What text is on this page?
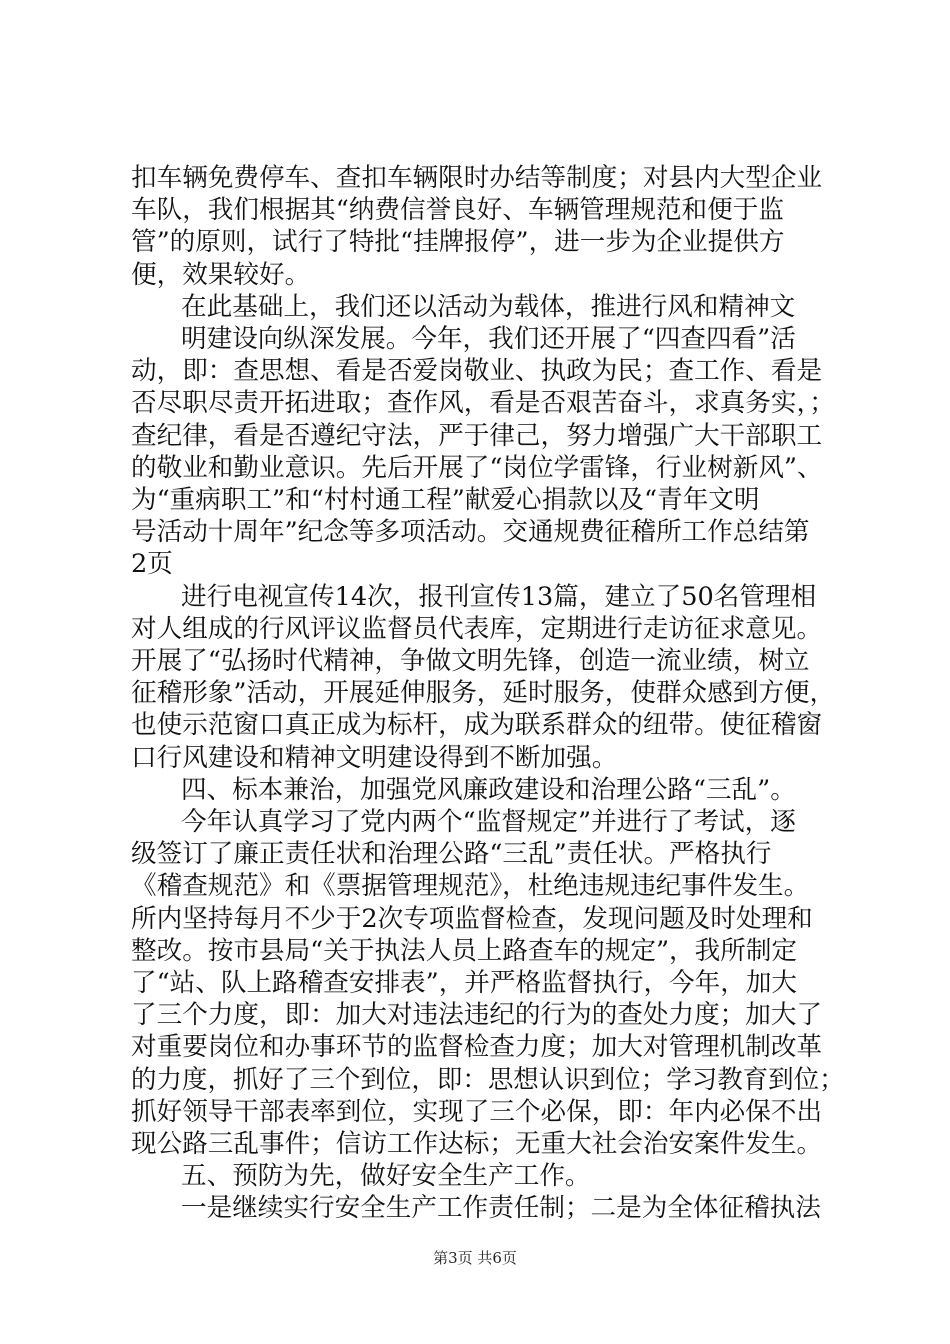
扣车辆免费停车、查扣车辆限时办结等制度；对县内大型企业
车队，我们根据其“纳费信誉良好、车辆管理规范和便于监
管”的原则，试行了特批“挂牌报停”，进一步为企业提供方
便，效果较好。
在此基础上，我们还以活动为载体，推进行风和精神文
明建设向纵深发展。今年，我们还开展了“四查四看”活
动，即：查思想、看是否爱岗敬业、执政为民；查工作、看是
否尽职尽责开拓进取；查作风，看是否艰苦奋斗，求真务实，；
查纪律，看是否遵纪守法，严于律己，努力增强广大干部职工
的敬业和勤业意识。先后开展了“岗位学雷锋，行业树新风”、
为“重病职工”和“村村通工程”献爱心捐款以及“青年文明
号活动十周年”纪念等多项活动。交通规费征稽所工作总结第
2页
进行电视宣传14次，报刊宣传13篇，建立了50名管理相
对人组成的行风评议监督员代表库，定期进行走访征求意见。
开展了“弘扬时代精神，争做文明先锋，创造一流业绩，树立
征稽形象”活动，开展延伸服务，延时服务，使群众感到方便，
也使示范窗口真正成为标杆，成为联系群众的纽带。使征稽窗
口行风建设和精神文明建设得到不断加强。
四、标本兼治，加强党风廉政建设和治理公路“三乱”。
今年认真学习了党内两个“监督规定”并进行了考试，逐
级签订了廉正责任状和治理公路“三乱”责任状。严格执行
《稽查规范》和《票据管理规范》，杜绝违规违纪事件发生。
所内坚持每月不少于2次专项监督检查，发现问题及时处理和
整改。按市县局“关于执法人员上路查车的规定”，我所制定
了“站、队上路稽查安排表”，并严格监督执行，今年，加大
了三个力度，即：加大对违法违纪的行为的查处力度；加大了
对重要岗位和办事环节的监督检查力度；加大对管理机制改革
的力度，抓好了三个到位，即：思想认识到位；学习教育到位；
抓好领导干部表率到位，实现了三个必保，即：年内必保不出
现公路三乱事件；信访工作达标；无重大社会治安案件发生。
五、预防为先，做好安全生产工作。
一是继续实行安全生产工作责任制；二是为全体征稽执法
第3页 共6页
